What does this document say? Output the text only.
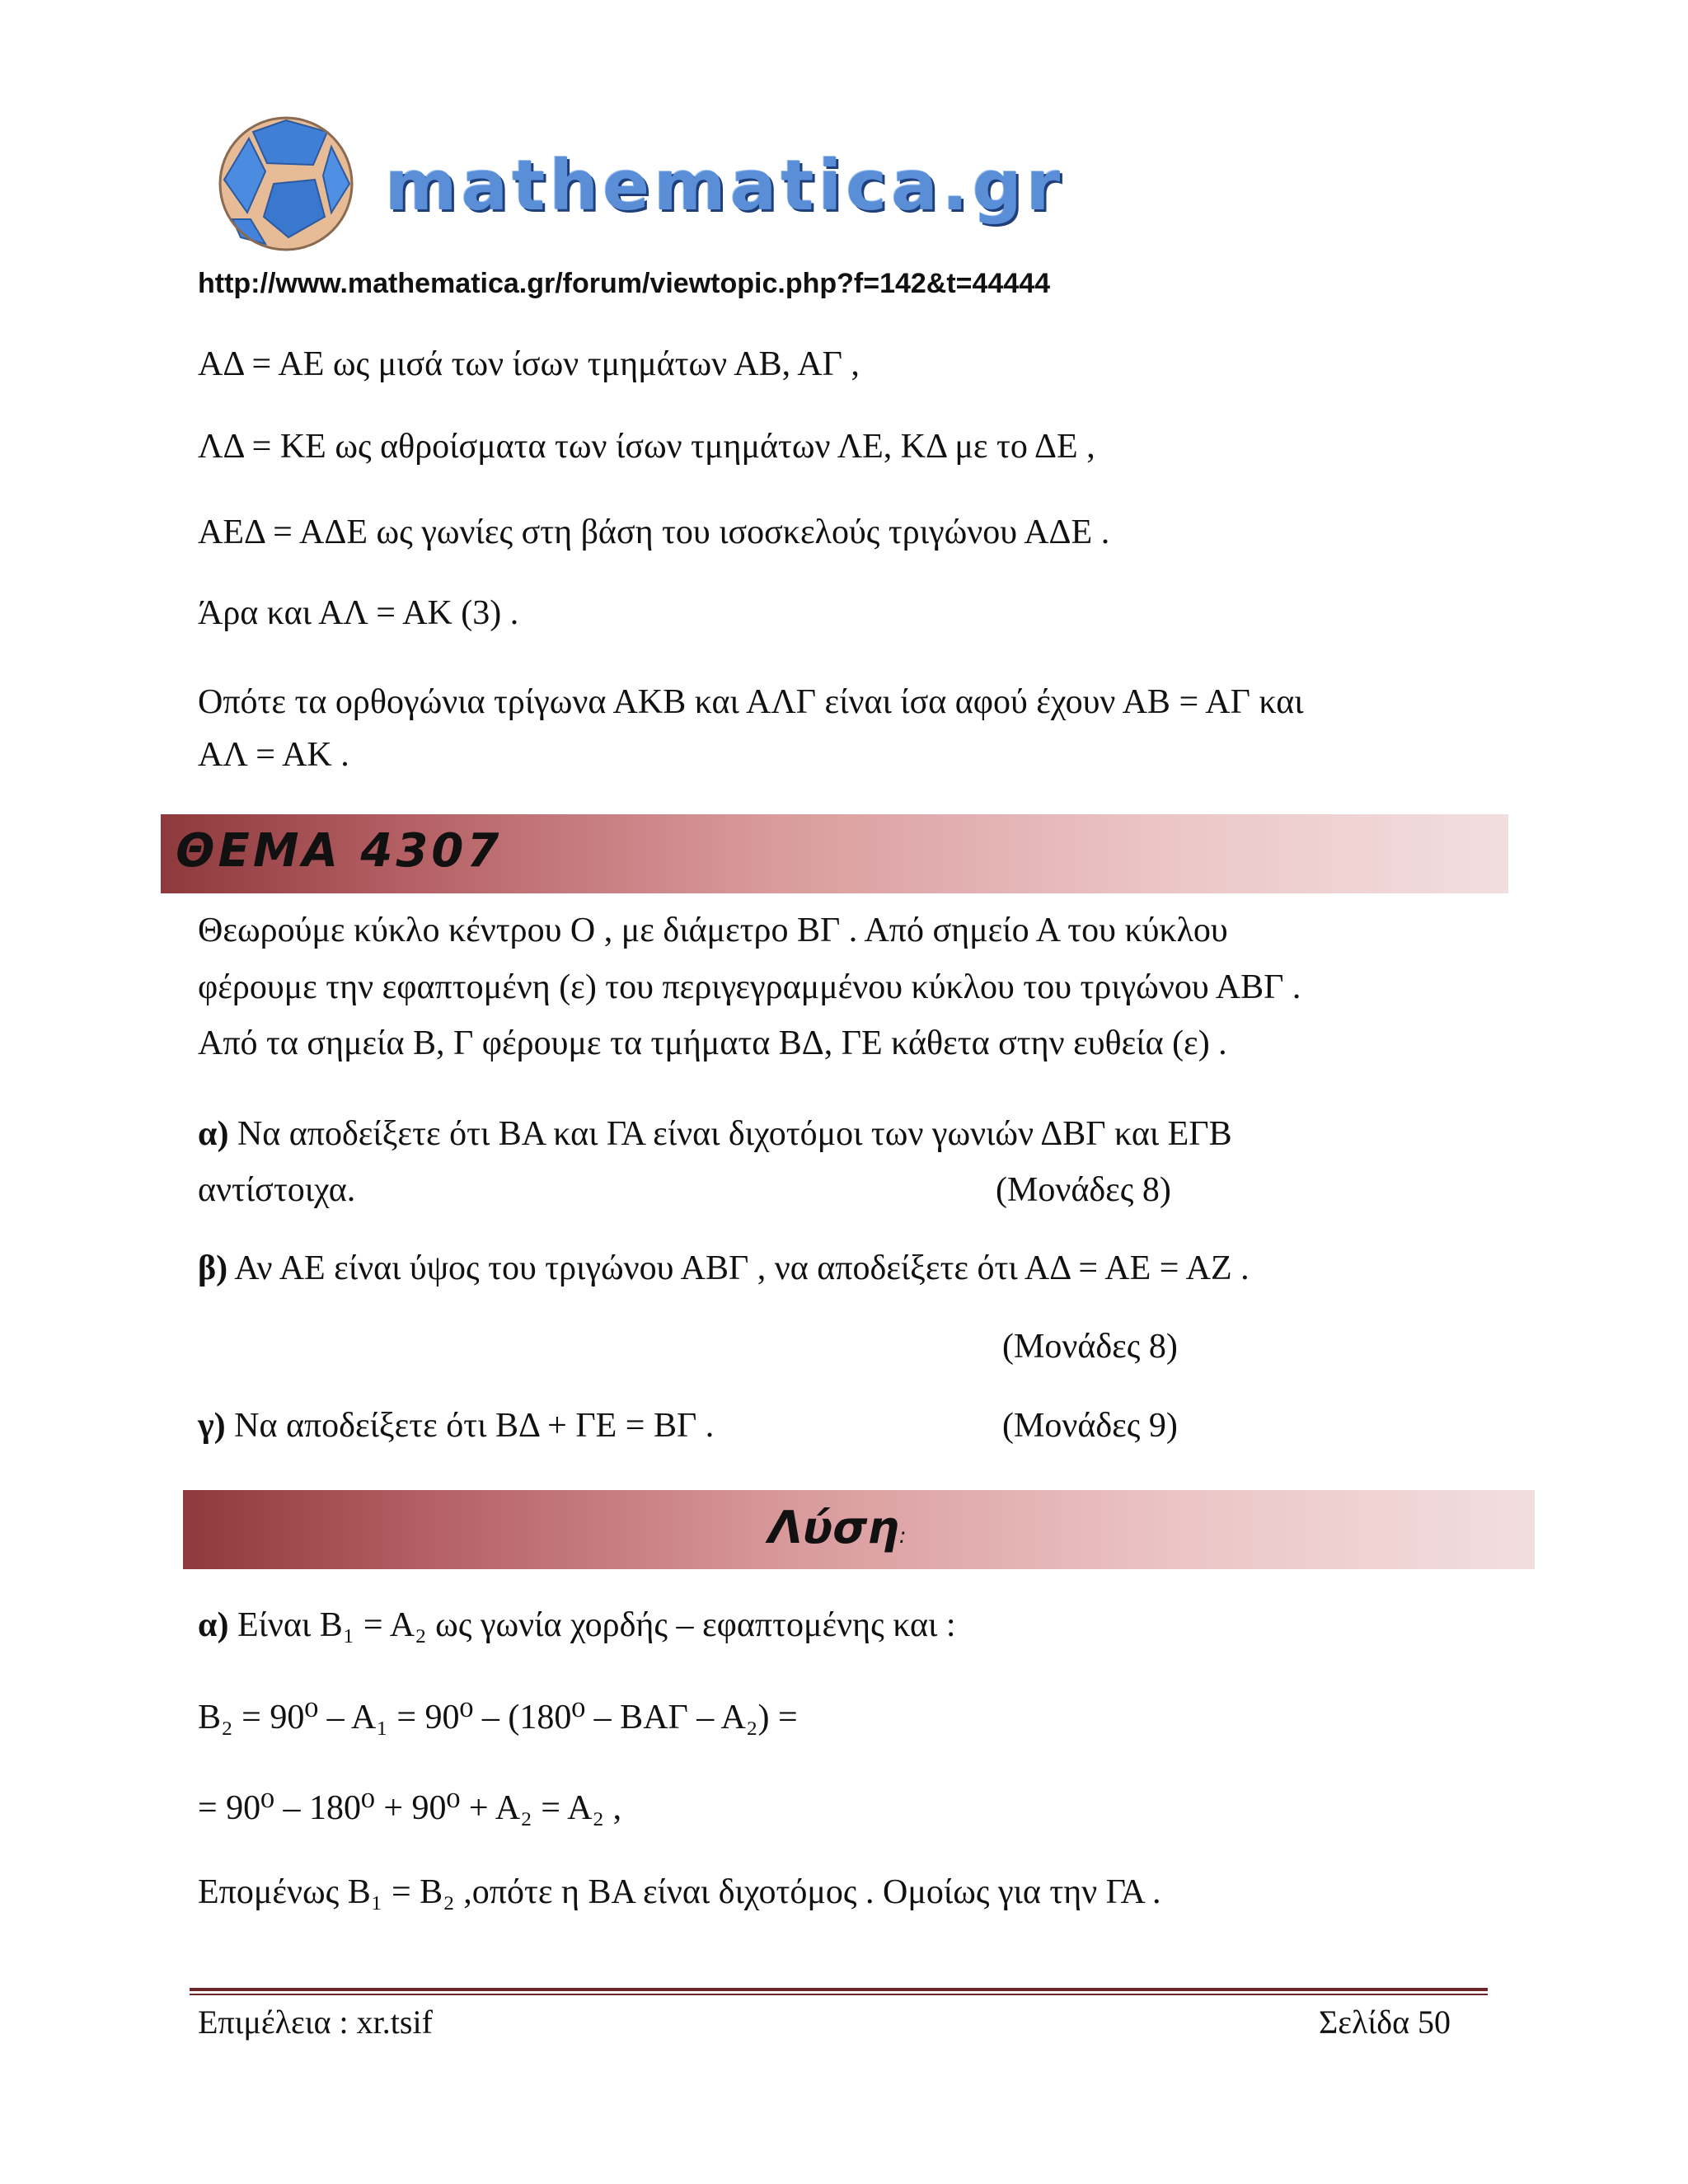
mathematica.gr
http://www.mathematica.gr/forum/viewtopic.php?f=142&t=44444
ΑΔ = ΑΕ ως μισά των ίσων τμημάτων ΑΒ, ΑΓ ,
ΛΔ = ΚΕ ως αθροίσματα των ίσων τμημάτων ΛΕ, ΚΔ με το ΔΕ ,
ΑΕΔ = ΑΔΕ ως γωνίες στη βάση του ισοσκελούς τριγώνου ΑΔΕ .
Άρα και ΑΛ = ΑΚ (3) .
Οπότε τα ορθογώνια τρίγωνα ΑΚΒ και ΑΛΓ είναι ίσα αφού έχουν ΑΒ = ΑΓ και
ΑΛ = ΑΚ .
ΘΕΜΑ 4307
Θεωρούμε κύκλο κέντρου Ο , με διάμετρο ΒΓ . Από σημείο Α του κύκλου
φέρουμε την εφαπτομένη (ε) του περιγεγραμμένου κύκλου του τριγώνου ΑΒΓ .
Από τα σημεία Β, Γ φέρουμε τα τμήματα ΒΔ, ΓΕ κάθετα στην ευθεία (ε) .
α) Να αποδείξετε ότι ΒΑ και ΓΑ είναι διχοτόμοι των γωνιών ΔΒΓ και ΕΓΒ
αντίστοιχα.	(Μονάδες 8)
β) Αν ΑΕ είναι ύψος του τριγώνου ΑΒΓ , να αποδείξετε ότι ΑΔ = ΑΕ = ΑΖ .
(Μονάδες 8)
γ) Να αποδείξετε ότι ΒΔ + ΓΕ = ΒΓ .	(Μονάδες 9)
Λύση:
α) Είναι Β₁ = Α₂ ως γωνία χορδής – εφαπτομένης και :
Β₂ = 90⁰ – Α₁ = 90⁰ – (180⁰ – ΒΑΓ – Α₂) =
= 90⁰ – 180⁰ + 90⁰ + Α₂ = Α₂ ,
Επομένως Β₁ = Β₂ ,οπότε η ΒΑ είναι διχοτόμος . Ομοίως για την ΓΑ .
Επιμέλεια : xr.tsif	Σελίδα 50
